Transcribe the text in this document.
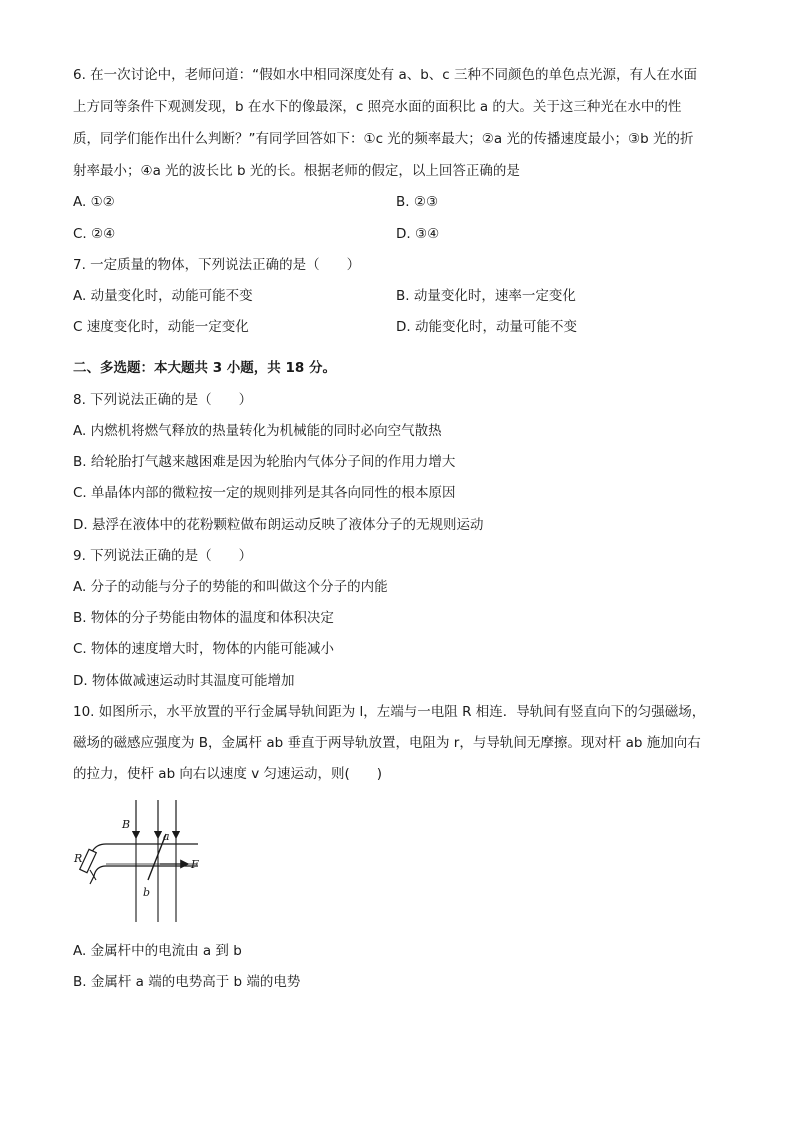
6. 在一次讨论中，老师问道：“假如水中相同深度处有 a、b、c 三种不同颜色的单色点光源，有人在水面
上方同等条件下观测发现，b 在水下的像最深，c 照亮水面的面积比 a 的大。关于这三种光在水中的性
质，同学们能作出什么判断？”有同学回答如下：①c 光的频率最大；②a 光的传播速度最小；③b 光的折
射率最小；④a 光的波长比 b 光的长。根据老师的假定，以上回答正确的是
A. ①②	B. ②③
C. ②④	D. ③④
7. 一定质量的物体，下列说法正确的是（　　）
A. 动量变化时，动能可能不变	B. 动量变化时，速率一定变化
C 速度变化时，动能一定变化	D. 动能变化时，动量可能不变
二、多选题：本大题共 3 小题，共 18 分。
8. 下列说法正确的是（　　）
A. 内燃机将燃气释放的热量转化为机械能的同时必向空气散热
B. 给轮胎打气越来越困难是因为轮胎内气体分子间的作用力增大
C. 单晶体内部的微粒按一定的规则排列是其各向同性的根本原因
D. 悬浮在液体中的花粉颗粒做布朗运动反映了液体分子的无规则运动
9. 下列说法正确的是（　　）
A. 分子的动能与分子的势能的和叫做这个分子的内能
B. 物体的分子势能由物体的温度和体积决定
C. 物体的速度增大时，物体的内能可能减小
D. 物体做减速运动时其温度可能增加
10. 如图所示，水平放置的平行金属导轨间距为 l，左端与一电阻 R 相连．导轨间有竖直向下的匀强磁场，
磁场的磁感应强度为 B，金属杆 ab 垂直于两导轨放置，电阻为 r，与导轨间无摩擦。现对杆 ab 施加向右
的拉力，使杆 ab 向右以速度 v 匀速运动，则(　　)
B
a
b
R	F
A. 金属杆中的电流由 a 到 b
B. 金属杆 a 端的电势高于 b 端的电势
